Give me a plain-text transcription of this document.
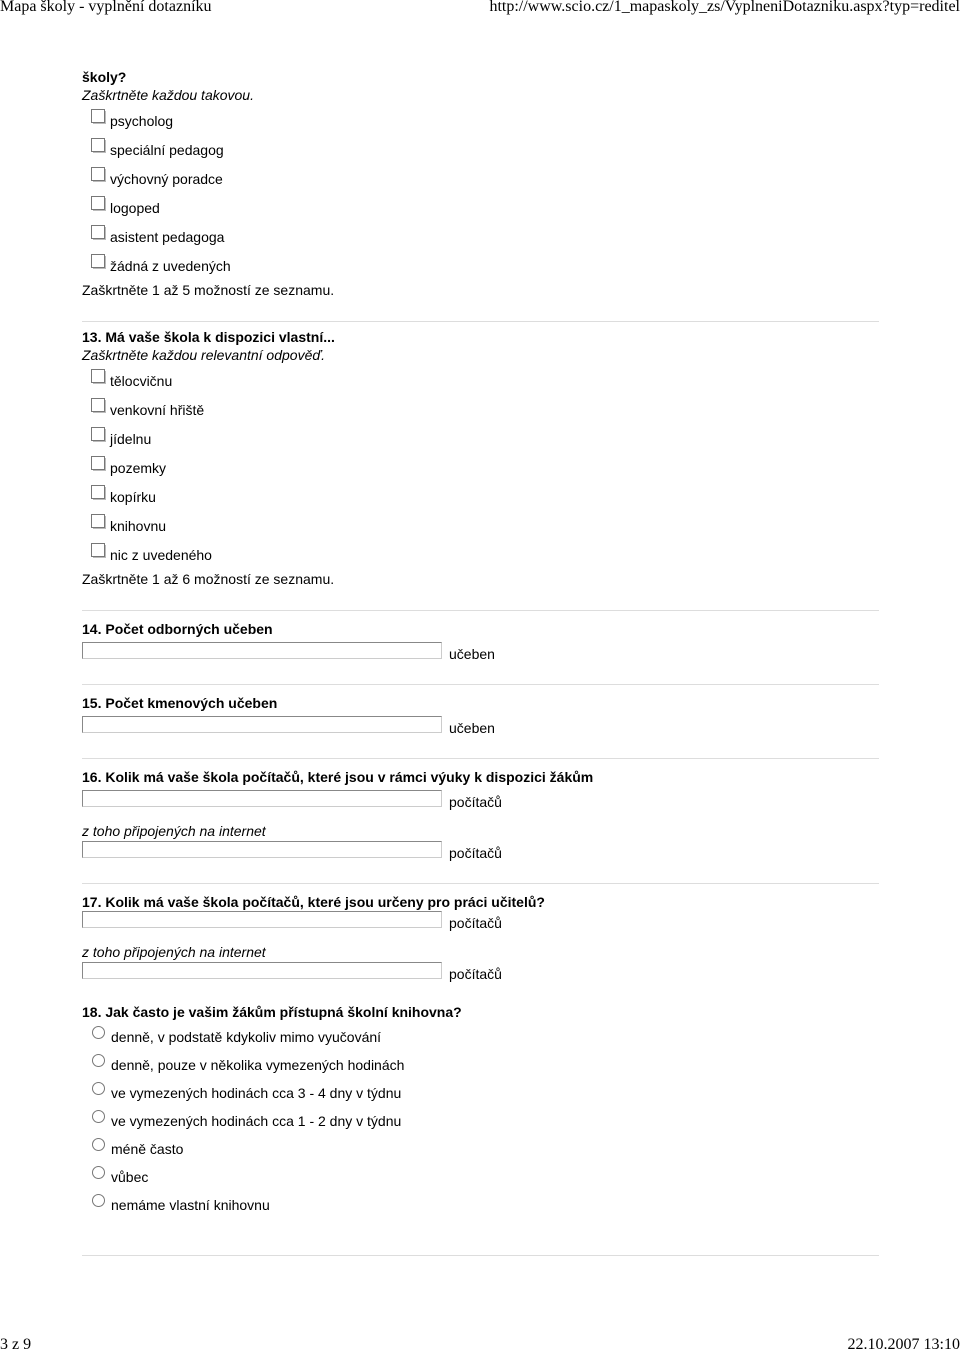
Mapa školy - vyplnění dotazníku	http://www.scio.cz/1_mapaskoly_zs/VyplneniDotazniku.aspx?typ=reditel
školy?
Zaškrtněte každou takovou.
psycholog
speciální pedagog
výchovný poradce
logoped
asistent pedagoga
žádná z uvedených
Zaškrtněte 1 až 5 možností ze seznamu.
13. Má vaše škola k dispozici vlastní...
Zaškrtněte každou relevantní odpověď.
tělocvičnu
venkovní hřiště
jídelnu
pozemky
kopírku
knihovnu
nic z uvedeného
Zaškrtněte 1 až 6 možností ze seznamu.
14. Počet odborných učeben
učeben
15. Počet kmenových učeben
učeben
16. Kolik má vaše škola počítačů, které jsou v rámci výuky k dispozici žákům
počítačů
z toho připojených na internet
počítačů
17. Kolik má vaše škola počítačů, které jsou určeny pro práci učitelů?
počítačů
z toho připojených na internet
počítačů
18. Jak často je vašim žákům přístupná školní knihovna?
denně, v podstatě kdykoliv mimo vyučování
denně, pouze v několika vymezených hodinách
ve vymezených hodinách cca 3 - 4 dny v týdnu
ve vymezených hodinách cca 1 - 2 dny v týdnu
méně často
vůbec
nemáme vlastní knihovnu
3 z 9	22.10.2007 13:10
